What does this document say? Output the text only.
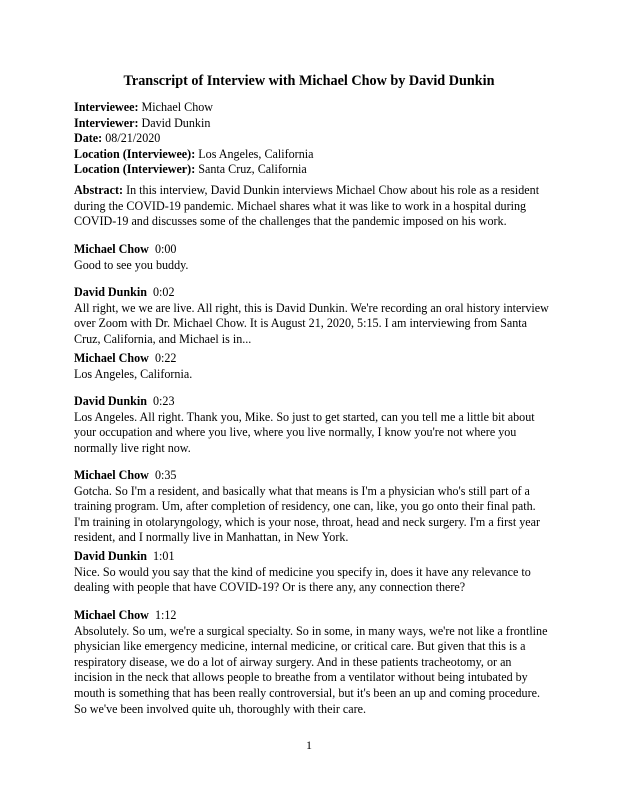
Transcript of Interview with Michael Chow by David Dunkin
Interviewee: Michael Chow
Interviewer: David Dunkin
Date: 08/21/2020
Location (Interviewee): Los Angeles, California
Location (Interviewer): Santa Cruz, California

Abstract: In this interview, David Dunkin interviews Michael Chow about his role as a resident during the COVID-19 pandemic. Michael shares what it was like to work in a hospital during COVID-19 and discusses some of the challenges that the pandemic imposed on his work.

Michael Chow 0:00

Good to see you buddy.

David Dunkin 0:02

All right, we we are live. All right, this is David Dunkin. We're recording an oral history interview over Zoom with Dr. Michael Chow. It is August 21, 2020, 5:15. I am interviewing from Santa Cruz, California, and Michael is in...

Michael Chow 0:22

Los Angeles, California.

David Dunkin 0:23

Los Angeles. All right. Thank you, Mike. So just to get started, can you tell me a little bit about your occupation and where you live, where you live normally, I know you're not where you normally live right now.

Michael Chow 0:35

Gotcha. So I'm a resident, and basically what that means is I'm a physician who's still part of a training program. Um, after completion of residency, one can, like, you go onto their final path. I'm training in otolaryngology, which is your nose, throat, head and neck surgery. I'm a first year resident, and I normally live in Manhattan, in New York.

David Dunkin 1:01

Nice. So would you say that the kind of medicine you specify in, does it have any relevance to dealing with people that have COVID-19? Or is there any, any connection there?

Michael Chow 1:12

Absolutely. So um, we're a surgical specialty. So in some, in many ways, we're not like a frontline physician like emergency medicine, internal medicine, or critical care. But given that this is a respiratory disease, we do a lot of airway surgery. And in these patients tracheotomy, or an incision in the neck that allows people to breathe from a ventilator without being intubated by mouth is something that has been really controversial, but it's been an up and coming procedure. So we've been involved quite uh, thoroughly with their care.

1
